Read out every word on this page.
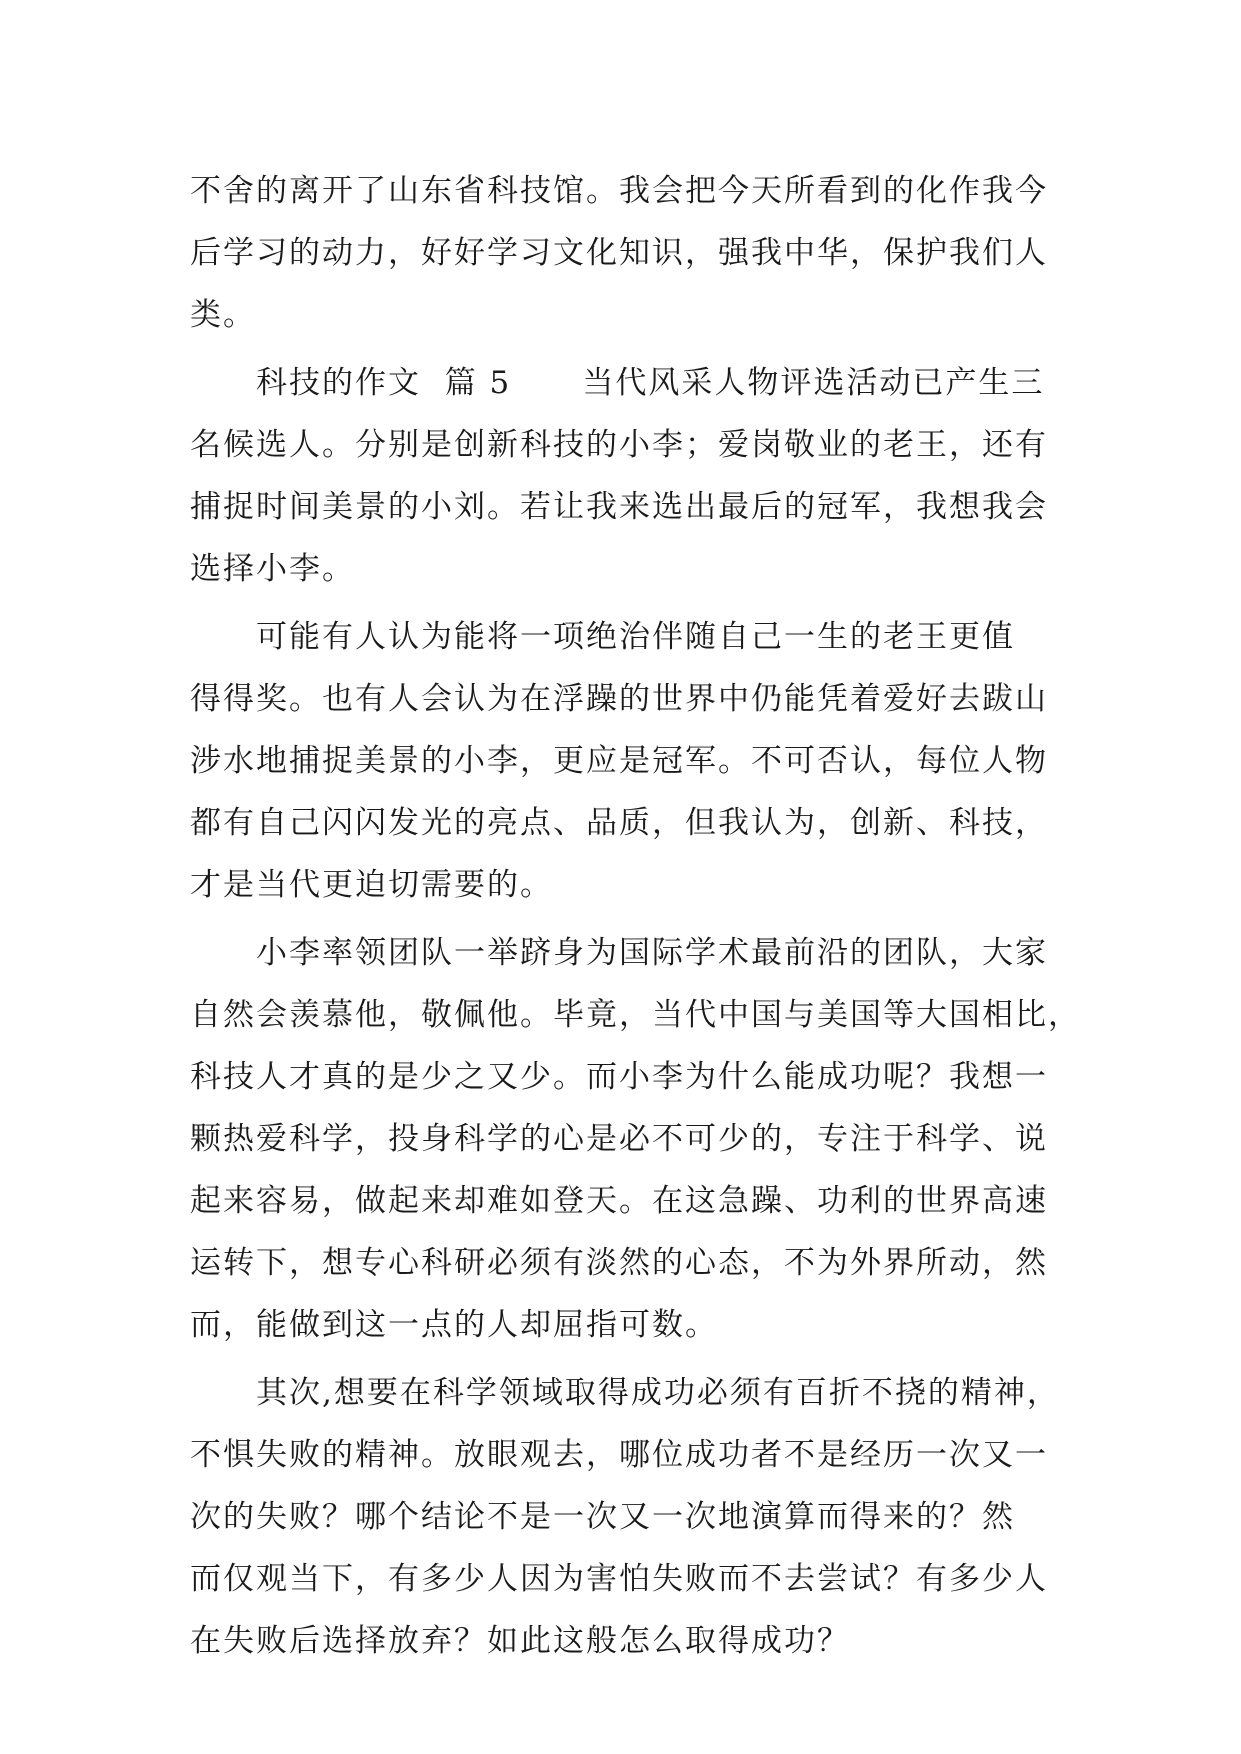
不舍的离开了山东省科技馆。我会把今天所看到的化作我今
后学习的动力，好好学习文化知识，强我中华，保护我们人
类。
科技的作文  篇 5      当代风采人物评选活动已产生三
名候选人。分别是创新科技的小李；爱岗敬业的老王，还有
捕捉时间美景的小刘。若让我来选出最后的冠军，我想我会
选择小李。
可能有人认为能将一项绝治伴随自己一生的老王更值
得得奖。也有人会认为在浮躁的世界中仍能凭着爱好去跋山
涉水地捕捉美景的小李，更应是冠军。不可否认，每位人物
都有自己闪闪发光的亮点、品质，但我认为，创新、科技，
才是当代更迫切需要的。
小李率领团队一举跻身为国际学术最前沿的团队，大家
自然会羡慕他，敬佩他。毕竟，当代中国与美国等大国相比，
科技人才真的是少之又少。而小李为什么能成功呢？我想一
颗热爱科学，投身科学的心是必不可少的，专注于科学、说
起来容易，做起来却难如登天。在这急躁、功利的世界高速
运转下，想专心科研必须有淡然的心态，不为外界所动，然
而，能做到这一点的人却屈指可数。
其次,想要在科学领域取得成功必须有百折不挠的精神，
不惧失败的精神。放眼观去，哪位成功者不是经历一次又一
次的失败？哪个结论不是一次又一次地演算而得来的？然
而仅观当下，有多少人因为害怕失败而不去尝试？有多少人
在失败后选择放弃？如此这般怎么取得成功？
